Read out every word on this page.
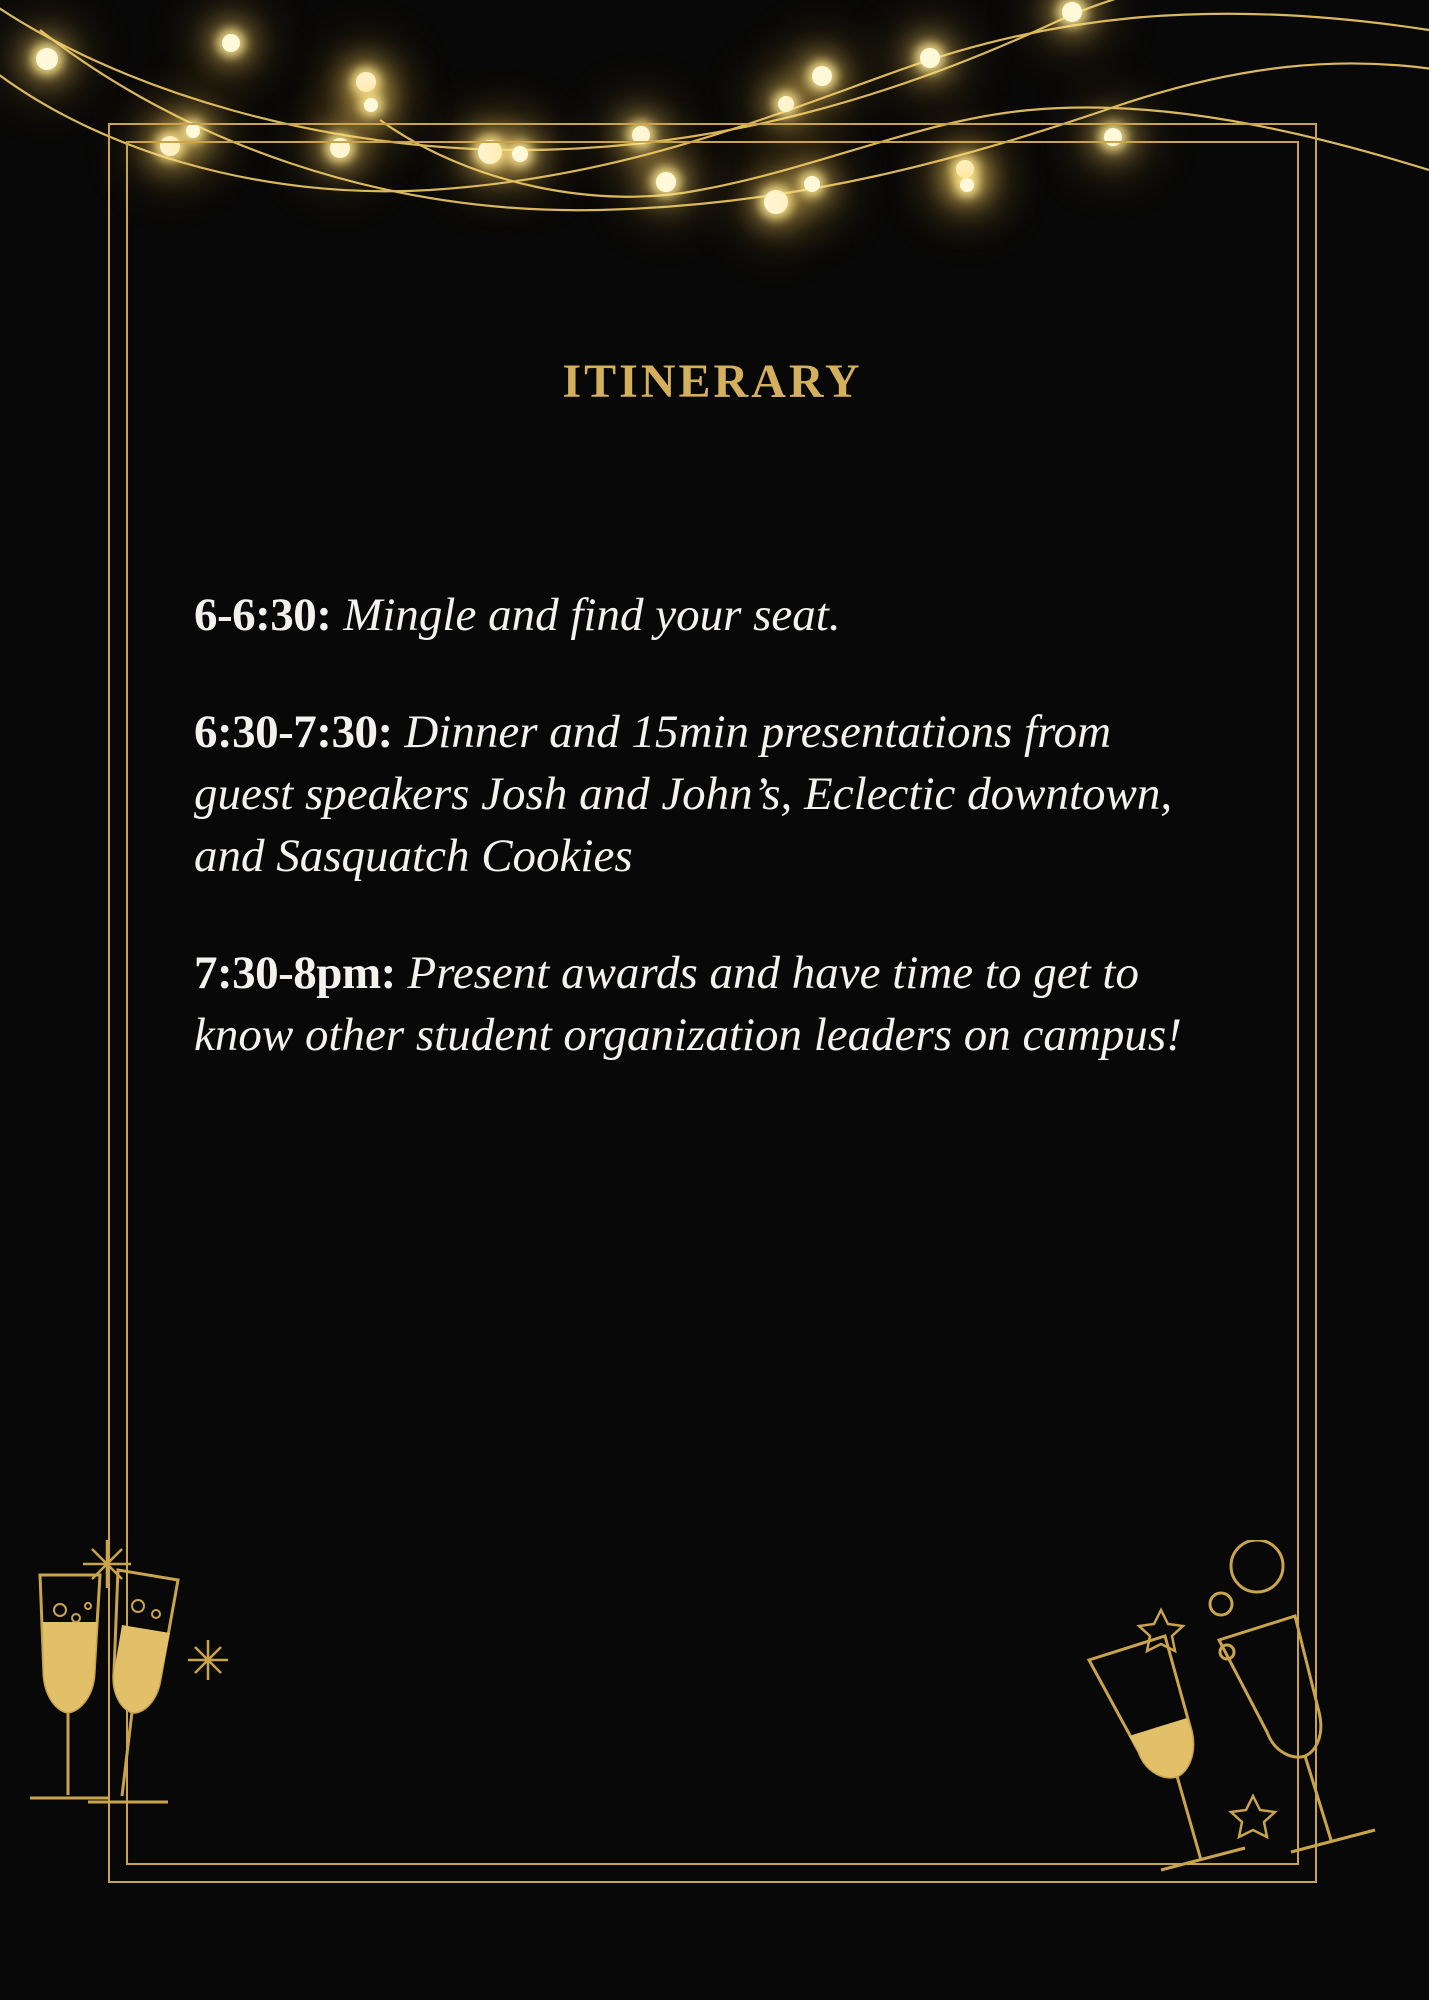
ITINERARY
6-6:30: Mingle and find your seat.
6:30-7:30: Dinner and 15min presentations from guest speakers Josh and John’s, Eclectic downtown, and Sasquatch Cookies
7:30-8pm: Present awards and have time to get to know other student organization leaders on campus!
